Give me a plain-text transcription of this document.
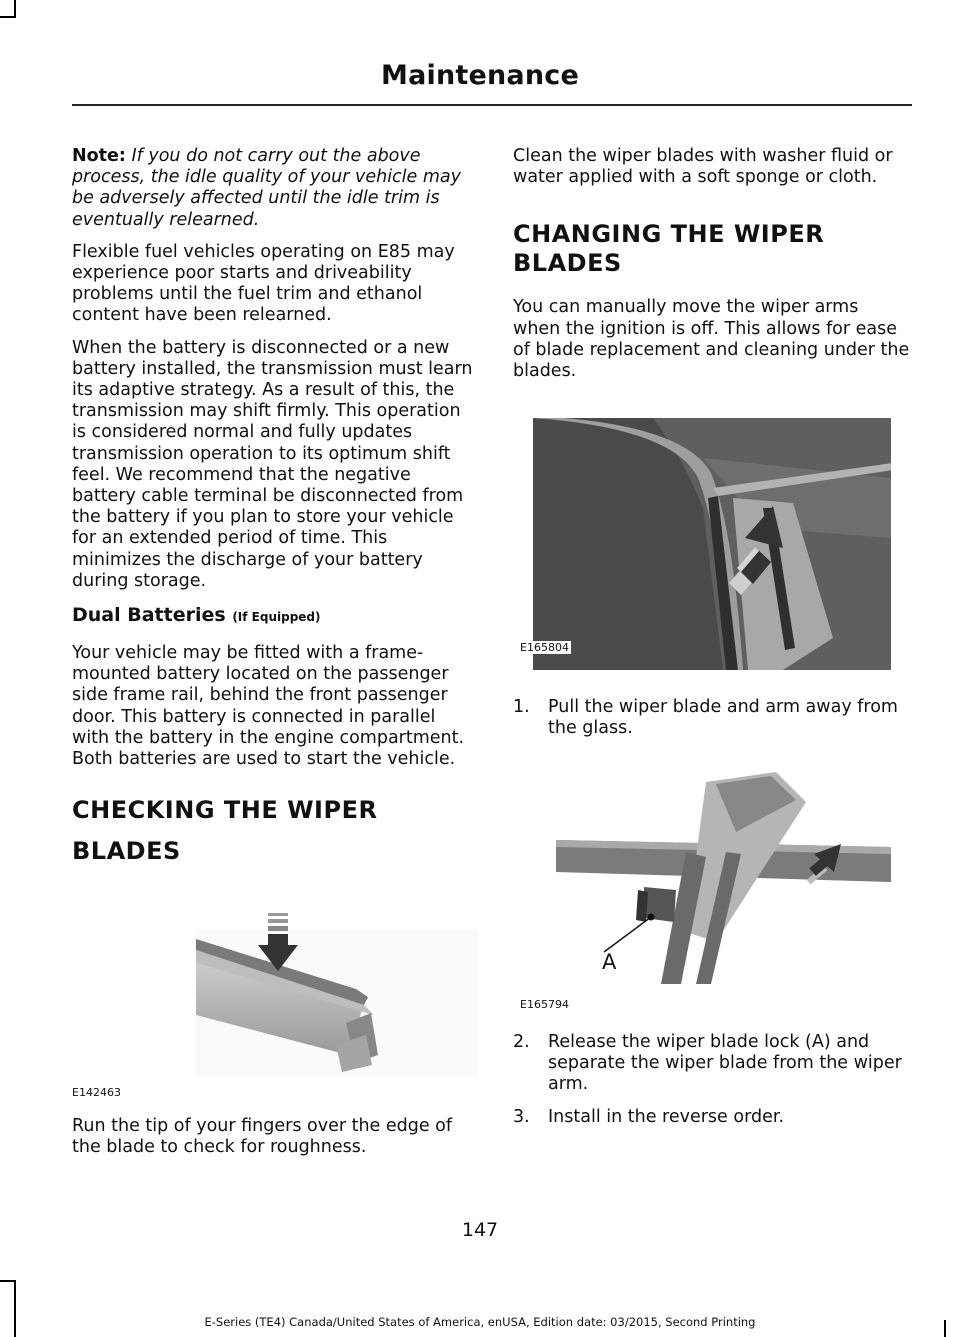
Maintenance

Note: If you do not carry out the above process, the idle quality of your vehicle may be adversely affected until the idle trim is eventually relearned.

Flexible fuel vehicles operating on E85 may experience poor starts and driveability problems until the fuel trim and ethanol content have been relearned.

When the battery is disconnected or a new battery installed, the transmission must learn its adaptive strategy. As a result of this, the transmission may shift firmly. This operation is considered normal and fully updates transmission operation to its optimum shift feel. We recommend that the negative battery cable terminal be disconnected from the battery if you plan to store your vehicle for an extended period of time. This minimizes the discharge of your battery during storage.

Dual Batteries (If Equipped)

Your vehicle may be fitted with a frame-mounted battery located on the passenger side frame rail, behind the front passenger door. This battery is connected in parallel with the battery in the engine compartment. Both batteries are used to start the vehicle.

CHECKING THE WIPER
BLADES
E142463

Run the tip of your fingers over the edge of the blade to check for roughness.

Clean the wiper blades with washer fluid or water applied with a soft sponge or cloth.

CHANGING THE WIPER
BLADES

You can manually move the wiper arms when the ignition is off. This allows for ease of blade replacement and cleaning under the blades.

E165804
1. Pull the wiper blade and arm away from the glass.
A
E165794
2. Release the wiper blade lock (A) and separate the wiper blade from the wiper arm.
3. Install in the reverse order.
147
E-Series (TE4) Canada/United States of America, enUSA, Edition date: 03/2015, Second Printing
